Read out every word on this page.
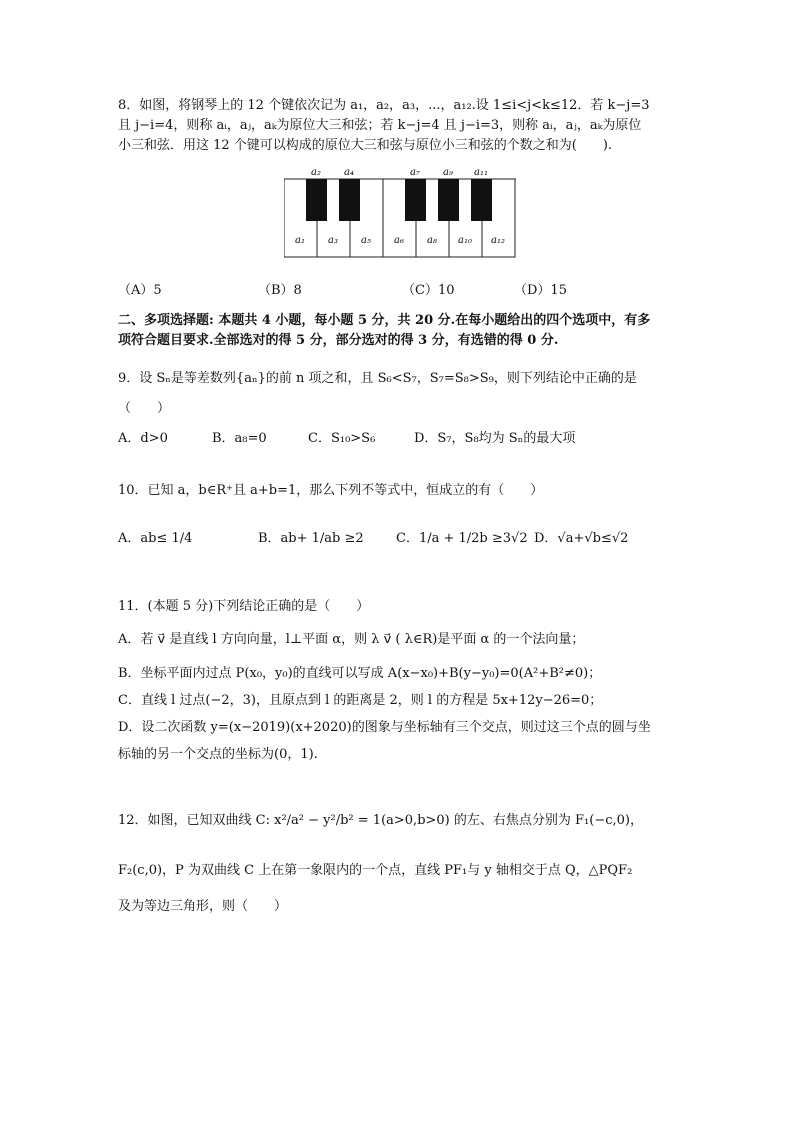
8．如图，将钢琴上的 12 个键依次记为 a₁，a₂，a₃，...，a₁₂.设 1≤i<j<k≤12．若 k−j=3
且 j−i=4，则称 aᵢ，aⱼ，aₖ为原位大三和弦；若 k−j=4 且 j−i=3，则称 aᵢ，aⱼ，aₖ为原位
小三和弦．用这 12 个键可以构成的原位大三和弦与原位小三和弦的个数之和为(　　).
a₂ a₄	a₇ a₉ a₁₁
a₁ a₃ a₅ a₆ a₈ a₁₀ a₁₂
（A）5	（B）8	（C）10	（D）15
二、多项选择题: 本题共 4 小题，每小题 5 分，共 20 分.在每小题给出的四个选项中，有多
项符合题目要求.全部选对的得 5 分，部分选对的得 3 分，有选错的得 0 分.
9．设 Sₙ是等差数列{aₙ}的前 n 项之和，且 S₆<S₇，S₇=S₈>S₉，则下列结论中正确的是
（　　）
A．d>0	B．a₈=0	C．S₁₀>S₆	D．S₇，S₈均为 Sₙ的最大项
10．已知 a，b∈R⁺且 a+b=1，那么下列不等式中，恒成立的有（　　）
A．ab≤ 1/4	B．ab+ 1/ab ≥2 C．1/a + 1/2b ≥3√2 D．√a+√b≤√2
11．(本题 5 分)下列结论正确的是（　　）
A．若 v⃗ 是直线 l 方向向量，l⊥平面 α，则 λ v⃗ ( λ∈R)是平面 α 的一个法向量；
B．坐标平面内过点 P(x₀，y₀)的直线可以写成 A(x−x₀)+B(y−y₀)=0(A²+B²≠0)；
C．直线 l 过点(−2，3)，且原点到 l 的距离是 2，则 l 的方程是 5x+12y−26=0；
D．设二次函数 y=(x−2019)(x+2020)的图象与坐标轴有三个交点，则过这三个点的圆与坐
标轴的另一个交点的坐标为(0，1).
12．如图，已知双曲线 C: x²/a² − y²/b² = 1(a>0,b>0) 的左、右焦点分别为 F₁(−c,0)，
F₂(c,0)，P 为双曲线 C 上在第一象限内的一个点，直线 PF₁与 y 轴相交于点 Q，△PQF₂
及为等边三角形，则（　　）
